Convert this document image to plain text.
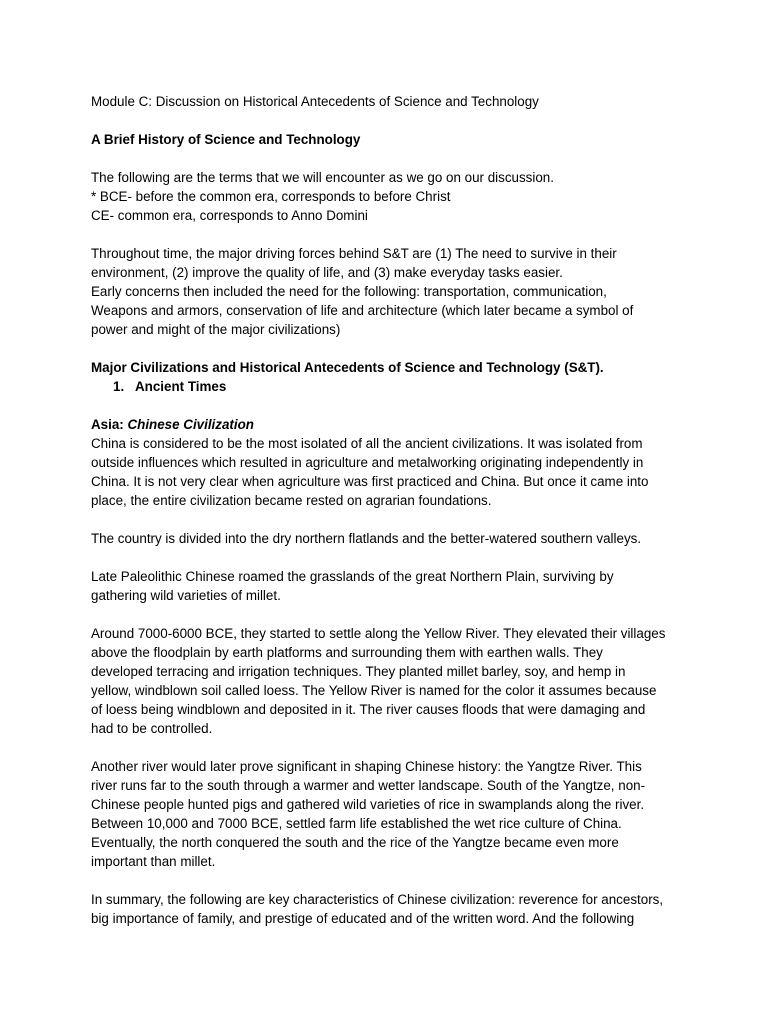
Module C: Discussion on Historical Antecedents of Science and Technology
A Brief History of Science and Technology
The following are the terms that we will encounter as we go on our discussion.
* BCE- before the common era, corresponds to before Christ
CE- common era, corresponds to Anno Domini
Throughout time, the major driving forces behind S&T are (1) The need to survive in their
environment, (2) improve the quality of life, and (3) make everyday tasks easier.
Early concerns then included the need for the following: transportation, communication,
Weapons and armors, conservation of life and architecture (which later became a symbol of
power and might of the major civilizations)
Major Civilizations and Historical Antecedents of Science and Technology (S&T).
1. Ancient Times
Asia: Chinese Civilization
China is considered to be the most isolated of all the ancient civilizations. It was isolated from
outside influences which resulted in agriculture and metalworking originating independently in
China. It is not very clear when agriculture was first practiced and China. But once it came into
place, the entire civilization became rested on agrarian foundations.
The country is divided into the dry northern flatlands and the better-watered southern valleys.
Late Paleolithic Chinese roamed the grasslands of the great Northern Plain, surviving by
gathering wild varieties of millet.
Around 7000-6000 BCE, they started to settle along the Yellow River. They elevated their villages
above the floodplain by earth platforms and surrounding them with earthen walls. They
developed terracing and irrigation techniques. They planted millet barley, soy, and hemp in
yellow, windblown soil called loess. The Yellow River is named for the color it assumes because
of loess being windblown and deposited in it. The river causes floods that were damaging and
had to be controlled.
Another river would later prove significant in shaping Chinese history: the Yangtze River. This
river runs far to the south through a warmer and wetter landscape. South of the Yangtze, non-
Chinese people hunted pigs and gathered wild varieties of rice in swamplands along the river.
Between 10,000 and 7000 BCE, settled farm life established the wet rice culture of China.
Eventually, the north conquered the south and the rice of the Yangtze became even more
important than millet.
In summary, the following are key characteristics of Chinese civilization: reverence for ancestors,
big importance of family, and prestige of educated and of the written word. And the following
